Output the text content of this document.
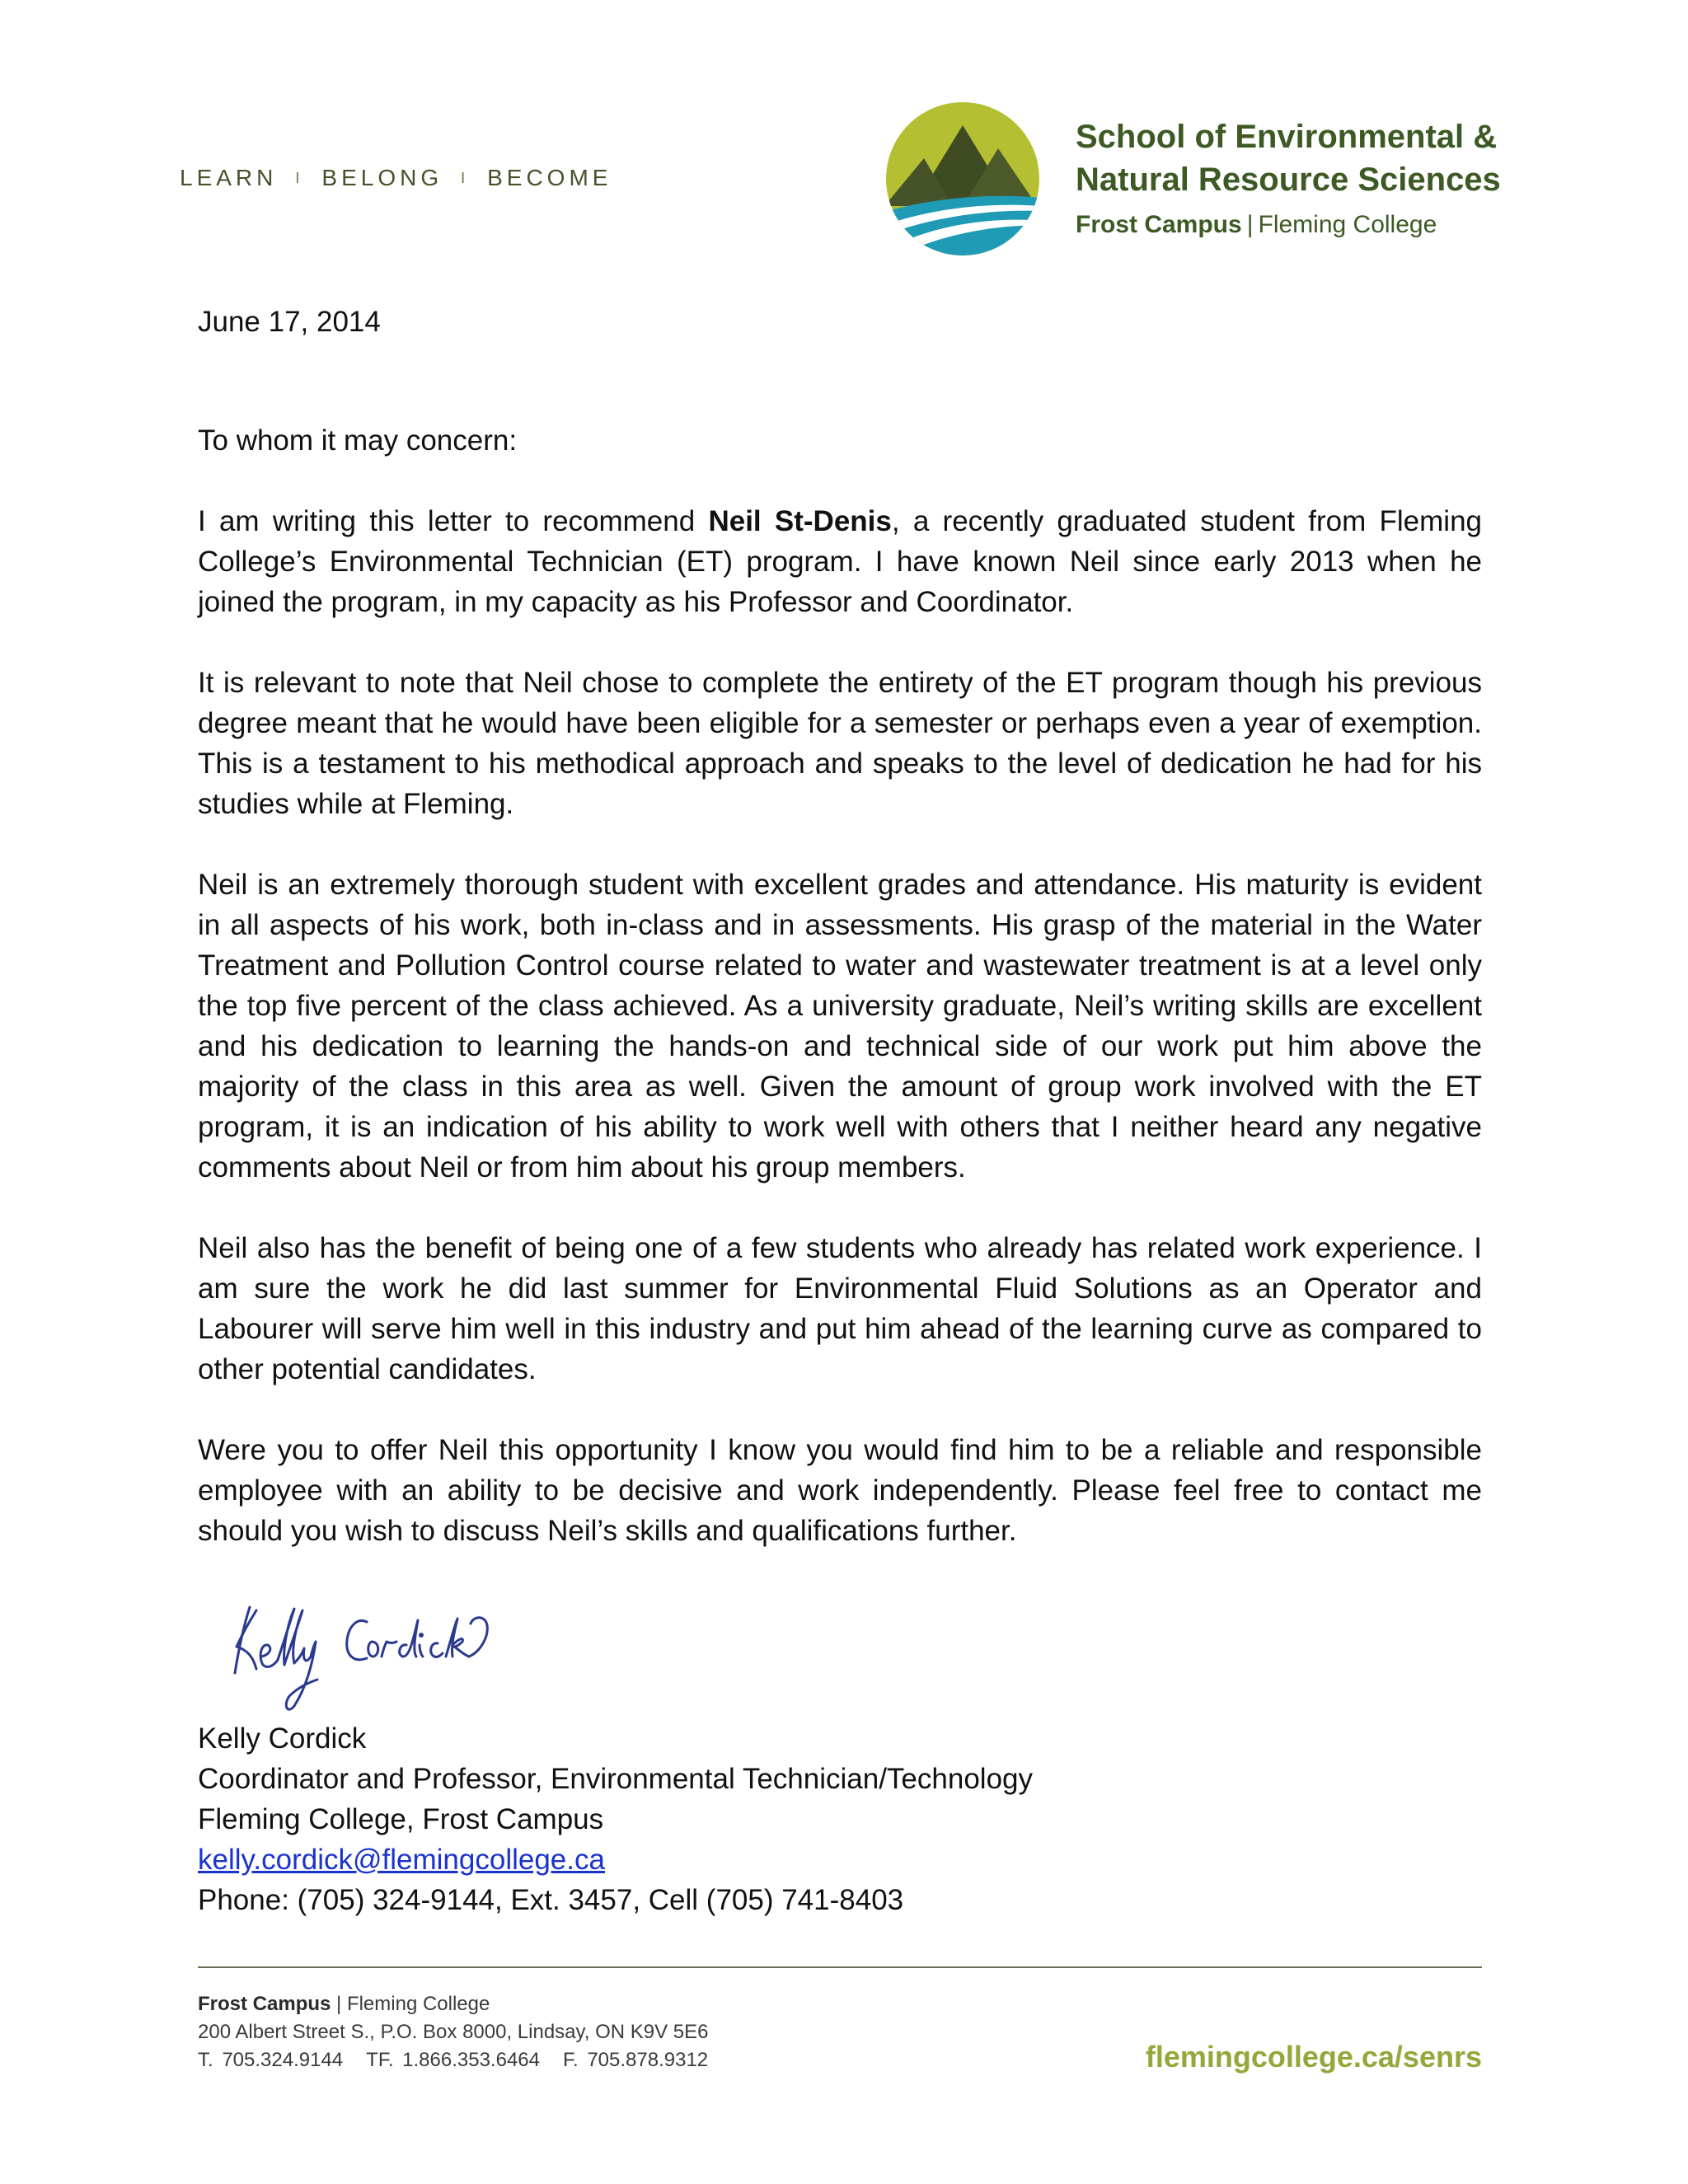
LEARN I BELONG I BECOME
School of Environmental &
Natural Resource Sciences
Frost Campus | Fleming College

June 17, 2014

To whom it may concern:

I am writing this letter to recommend Neil St-Denis, a recently graduated student from Fleming College’s Environmental Technician (ET) program. I have known Neil since early 2013 when he joined the program, in my capacity as his Professor and Coordinator.

It is relevant to note that Neil chose to complete the entirety of the ET program though his previous degree meant that he would have been eligible for a semester or perhaps even a year of exemption. This is a testament to his methodical approach and speaks to the level of dedication he had for his studies while at Fleming.

Neil is an extremely thorough student with excellent grades and attendance. His maturity is evident in all aspects of his work, both in-class and in assessments. His grasp of the material in the Water Treatment and Pollution Control course related to water and wastewater treatment is at a level only the top five percent of the class achieved. As a university graduate, Neil’s writing skills are excellent and his dedication to learning the hands-on and technical side of our work put him above the majority of the class in this area as well. Given the amount of group work involved with the ET program, it is an indication of his ability to work well with others that I neither heard any negative comments about Neil or from him about his group members.

Neil also has the benefit of being one of a few students who already has related work experience. I am sure the work he did last summer for Environmental Fluid Solutions as an Operator and Labourer will serve him well in this industry and put him ahead of the learning curve as compared to other potential candidates.

Were you to offer Neil this opportunity I know you would find him to be a reliable and responsible employee with an ability to be decisive and work independently. Please feel free to contact me should you wish to discuss Neil’s skills and qualifications further.

Kelly Cordick
Coordinator and Professor, Environmental Technician/Technology
Fleming College, Frost Campus
kelly.cordick@flemingcollege.ca
Phone: (705) 324-9144, Ext. 3457, Cell (705) 741-8403
Frost Campus | Fleming College
200 Albert Street S., P.O. Box 8000, Lindsay, ON K9V 5E6
T. 705.324.9144 TF. 1.866.353.6464 F. 705.878.9312	flemingcollege.ca/senrs
